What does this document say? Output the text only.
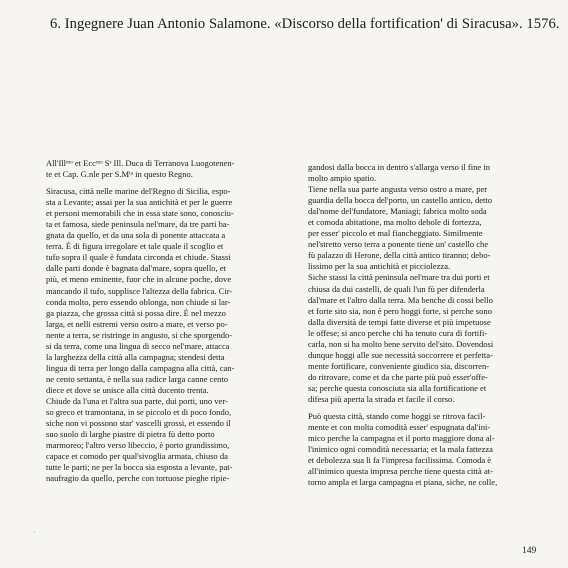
6. Ingegnere Juan Antonio Salamone. «Discorso della fortification' di Siracusa». 1576.

All'Illᵐᵒ et Eccᵐᵒ Sʳ Ill. Duca di Terranova Luogotenen-
te et Cap. G.nle per S.Mᵗᵃ in questo Regno.

Siracusa, città nelle marine del'Regno di Sicilia, espo-
sta a Levante; assai per la sua antichità et per le guerre
et personi memorabili che in essa state sono, conosciu-
ta et famosa, siede peninsula nel'mare, da tre parti ba-
gnata da quello, et da una sola di ponente attaccata a
terra. È di figura irregolare et tale quale il scoglio et
tufo sopra il quale è fundata circonda et chiude. Stassi
dalle parti donde è bagnata dal'mare, sopra quello, et
più, et meno eminente, fuor che in alcune poche, dove
mancando il tufo, supplisce l'altezza della fabrica. Cir-
conda molto, pero essendo oblonga, non chiude si lar-
ga piazza, che grossa città si possa dire. È nel mezzo
larga, et nelli estremi verso ostro a mare, et verso po-
nente a terra, se ristringe in angusto, si che sporgendo-
si da terra, come una lingua di secco nel'mare, attacca
la larghezza della città alla campagna; stendesi detta
lingua di terra per longo dalla campagna alla città, can-
ne cento settanta, è nella sua radice larga canne cento
diece et dove se unisce alla città ducento trenta.
Chiude da l'una et l'altra sua parte, dui porti, uno ver-
so greco et tramontana, in se piccolo et di poco fondo,
siche non vi possono star' vascelli grossi, et essendo il
suo suolo di larghe piastre di pietra fù detto porto
marmoreo; l'altro verso libeccio, è porto grandissimo,
capace et comodo per qual'sivoglia armata, chiuso da
tutte le parti; ne per la bocca sia esposta a levante, pat-
naufragio da quello, perche con tortuose pieghe ripie-

gandosi dalla bocca in dentro s'allarga verso il fine in
molto ampio spatio.

Tiene nella sua parte angusta verso ostro a mare, per
guardia della bocca del'porto, un castello antico, detto
dal'nome del'fundatore, Maniagi; fabrica molto soda
et comoda abitatione, ma molto debole di fortezza,
per esser' piccolo et mal fiancheggiato. Similmente
nel'stretto verso terra a ponente tiene un' castello che
fù palazzo di Herone, della città antico tiranno; debo-
lissimo per la sua antichità et picciolezza.

Siche stassi la città peninsula nel'mare tra dui porti et
chiusa da dui castelli, de quali l'un fù per difenderla
dal'mare et l'altro dalla terra. Ma benche di cossi bello
et forte sito sia, non è pero hoggi forte, si perche sono
dalla diversità de tempi fatte diverse et più impetuose
le offese; si anco perche chi ha tenuto cura di fortifi-
carla, non si ha molto bene servito del'sito. Dovendosi
dunque hoggi alle sue necessità soccorrere et perfetta-
mente fortificare, conveniente giudico sia, discorren-
do ritrovare, come et da che parte più può esser'offe-
sa; perche questa conosciuta sia alla fortificatione et
difesa più aperta la strada et facile il corso.

Può questa città, stando come hoggi se ritrova facil-
mente et con molta comodità esser' espugnata dal'ini-
mico perche la campagna et il porto maggiore dona al-
l'inimico ogni comodità necessaria; et la mala fattezza
et debolezza sua li fa l'impresa facilissima. Comoda è
all'inimico questa impresa perche tiene questa città at-
torno ampla et larga campagna et piana, siche, ne colle,

·
149
